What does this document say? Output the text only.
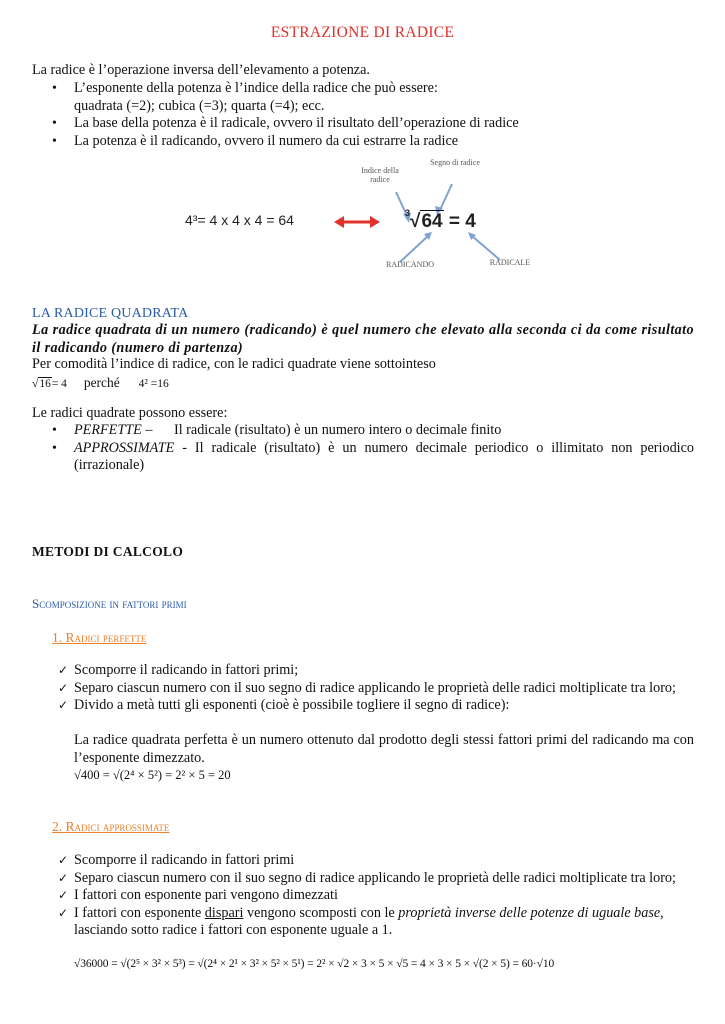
ESTRAZIONE DI RADICE
La radice è l’operazione inversa dell’elevamento a potenza.
• L’esponente della potenza è l’indice della radice che può essere:
quadrata (=2); cubica (=3); quarta (=4); ecc.
• La base della potenza è il radicale, ovvero il risultato dell’operazione di radice
• La potenza è il radicando, ovvero il numero da cui estrarre la radice
4³= 4 x 4 x 4 = 64
Indice della radice
Segno di radice
$^3$√64 = 4
RADICANDO	RADICALE
LA RADICE QUADRATA
La radice quadrata di un numero (radicando) è quel numero che elevato alla seconda ci da come risultato il radicando (numero di partenza)
Per comodità l’indice di radice, con le radici quadrate viene sottointeso
√16= 4 perché 4² =16
Le radici quadrate possono essere:
• PERFETTE – Il radicale (risultato) è un numero intero o decimale finito
• APPROSSIMATE - Il radicale (risultato) è un numero decimale periodico o illimitato non periodico (irrazionale)
METODI DI CALCOLO
Scomposizione in fattori primi
1. Radici perfette
✓ Scomporre il radicando in fattori primi;
✓ Separo ciascun numero con il suo segno di radice applicando le proprietà delle radici moltiplicate tra loro;
✓ Divido a metà tutti gli esponenti (cioè è possibile togliere il segno di radice):
La radice quadrata perfetta è un numero ottenuto dal prodotto degli stessi fattori primi del radicando ma con l’esponente dimezzato.
√400 = √(2⁴ × 5²) = 2² × 5 = 20
2. Radici approssimate
✓ Scomporre il radicando in fattori primi
✓ Separo ciascun numero con il suo segno di radice applicando le proprietà delle radici moltiplicate tra loro;
✓ I fattori con esponente pari vengono dimezzati
✓ I fattori con esponente dispari vengono scomposti con le proprietà inverse delle potenze di uguale base, lasciando sotto radice i fattori con esponente uguale a 1.
√36000 = √(2⁵ × 3² × 5³) = √(2⁴ × 2¹ × 3² × 5² × 5¹) = 2² × √2 × 3 × 5 × √5 = 4 × 3 × 5 × √(2 × 5) = 60·√10
